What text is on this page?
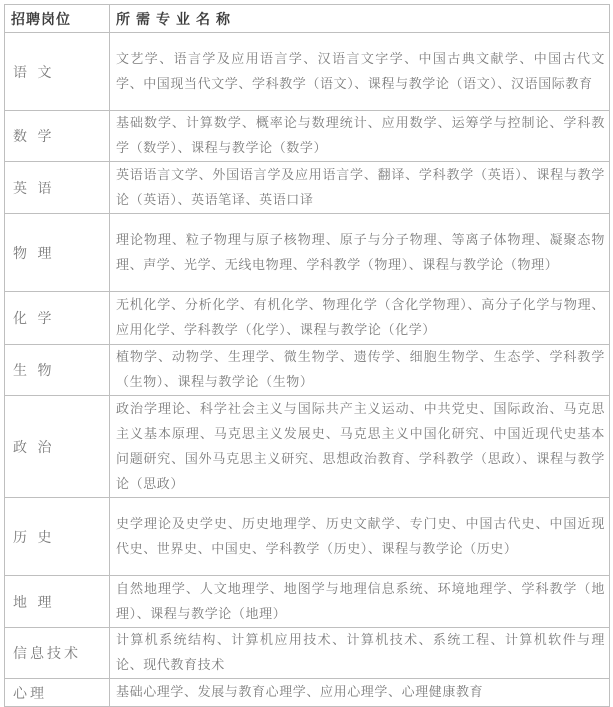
招聘岗位	所需专业名称
语 文	文艺学、语言学及应用语言学、汉语言文字学、中国古典文献学、中国古代文学、中国现当代文学、学科教学（语文）、课程与教学论（语文）、汉语国际教育
数 学	基础数学、计算数学、概率论与数理统计、应用数学、运筹学与控制论、学科教学（数学）、课程与教学论（数学）
英 语	英语语言文学、外国语言学及应用语言学、翻译、学科教学（英语）、课程与教学论（英语）、英语笔译、英语口译
物 理	理论物理、粒子物理与原子核物理、原子与分子物理、等离子体物理、凝聚态物理、声学、光学、无线电物理、学科教学（物理）、课程与教学论（物理）
化 学	无机化学、分析化学、有机化学、物理化学（含化学物理）、高分子化学与物理、应用化学、学科教学（化学）、课程与教学论（化学）
生 物	植物学、动物学、生理学、微生物学、遗传学、细胞生物学、生态学、学科教学（生物）、课程与教学论（生物）
政 治	政治学理论、科学社会主义与国际共产主义运动、中共党史、国际政治、马克思主义基本原理、马克思主义发展史、马克思主义中国化研究、中国近现代史基本问题研究、国外马克思主义研究、思想政治教育、学科教学（思政）、课程与教学论（思政）
历 史	史学理论及史学史、历史地理学、历史文献学、专门史、中国古代史、中国近现代史、世界史、中国史、学科教学（历史）、课程与教学论（历史）
地 理	自然地理学、人文地理学、地图学与地理信息系统、环境地理学、学科教学（地理）、课程与教学论（地理）
信息技术	计算机系统结构、计算机应用技术、计算机技术、系统工程、计算机软件与理论、现代教育技术
心理	基础心理学、发展与教育心理学、应用心理学、心理健康教育
